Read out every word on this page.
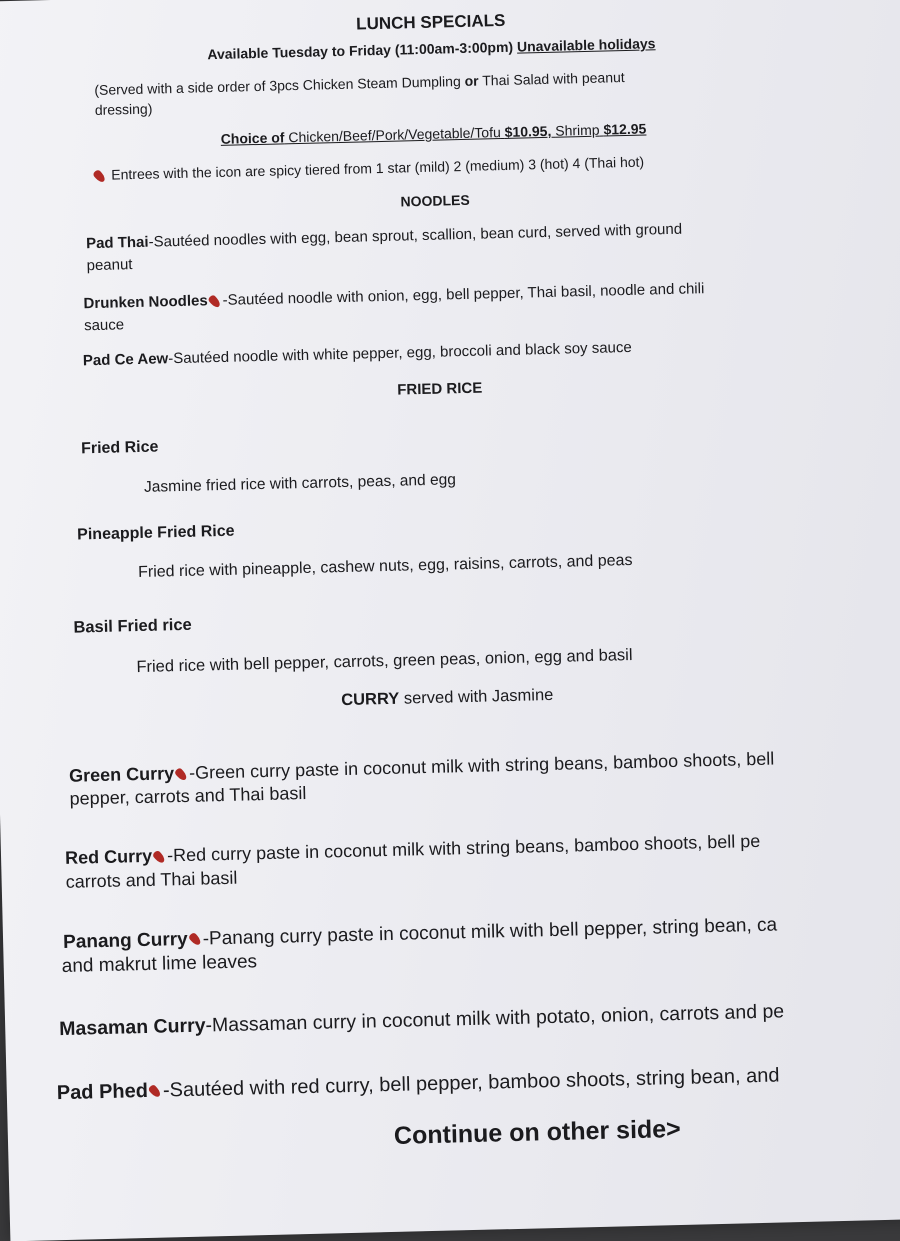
LUNCH SPECIALS
Available Tuesday to Friday (11:00am-3:00pm) Unavailable holidays
(Served with a side order of 3pcs Chicken Steam Dumpling or Thai Salad with peanut
dressing)
Choice of Chicken/Beef/Pork/Vegetable/Tofu $10.95, Shrimp $12.95
Entrees with the icon are spicy tiered from 1 star (mild) 2 (medium) 3 (hot) 4 (Thai hot)
NOODLES
Pad Thai-Sautéed noodles with egg, bean sprout, scallion, bean curd, served with ground
peanut
Drunken Noodles -Sautéed noodle with onion, egg, bell pepper, Thai basil, noodle and chili
sauce
Pad Ce Aew-Sautéed noodle with white pepper, egg, broccoli and black soy sauce
FRIED RICE
Fried Rice
Jasmine fried rice with carrots, peas, and egg
Pineapple Fried Rice
Fried rice with pineapple, cashew nuts, egg, raisins, carrots, and peas
Basil Fried rice
Fried rice with bell pepper, carrots, green peas, onion, egg and basil
CURRY served with Jasmine
Green Curry -Green curry paste in coconut milk with string beans, bamboo shoots, bell
pepper, carrots and Thai basil
Red Curry -Red curry paste in coconut milk with string beans, bamboo shoots, bell pe
carrots and Thai basil
Panang Curry -Panang curry paste in coconut milk with bell pepper, string bean, ca
and makrut lime leaves
Masaman Curry-Massaman curry in coconut milk with potato, onion, carrots and pe
Pad Phed -Sautéed with red curry, bell pepper, bamboo shoots, string bean, and
Continue on other side>
